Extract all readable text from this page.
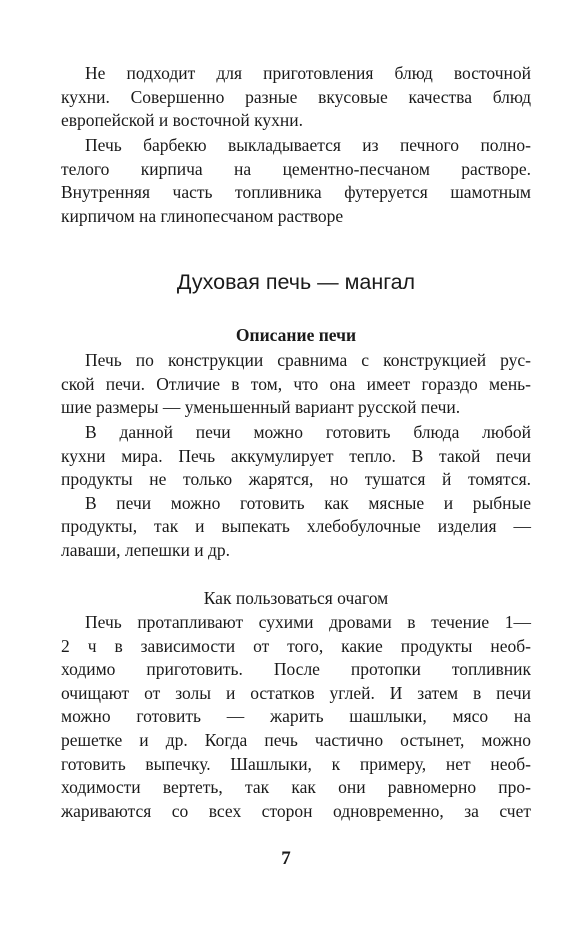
Не подходит для приготовления блюд восточной
кухни. Совершенно разные вкусовые качества блюд
европейской и восточной кухни.
Печь барбекю выкладывается из печного полно-
телого кирпича на цементно-песчаном растворе.
Внутренняя часть топливника футеруется шамотным
кирпичом на глинопесчаном растворе
Духовая печь — мангал
Описание печи
Печь по конструкции сравнима с конструкцией рус-
ской печи. Отличие в том, что она имеет гораздо мень-
шие размеры — уменьшенный вариант русской печи.
В данной печи можно готовить блюда любой
кухни мира. Печь аккумулирует тепло. В такой печи
продукты не только жарятся, но тушатся й томятся.
В печи можно готовить как мясные и рыбные
продукты, так и выпекать хлебобулочные изделия —
лаваши, лепешки и др.
Как пользоваться очагом
Печь протапливают сухими дровами в течение 1—
2 ч в зависимости от того, какие продукты необ-
ходимо приготовить. После протопки топливник
очищают от золы и остатков углей. И затем в печи
можно готовить — жарить шашлыки, мясо на
решетке и др. Когда печь частично остынет, можно
готовить выпечку. Шашлыки, к примеру, нет необ-
ходимости вертеть, так как они равномерно про-
жариваются со всех сторон одновременно, за счет
7
